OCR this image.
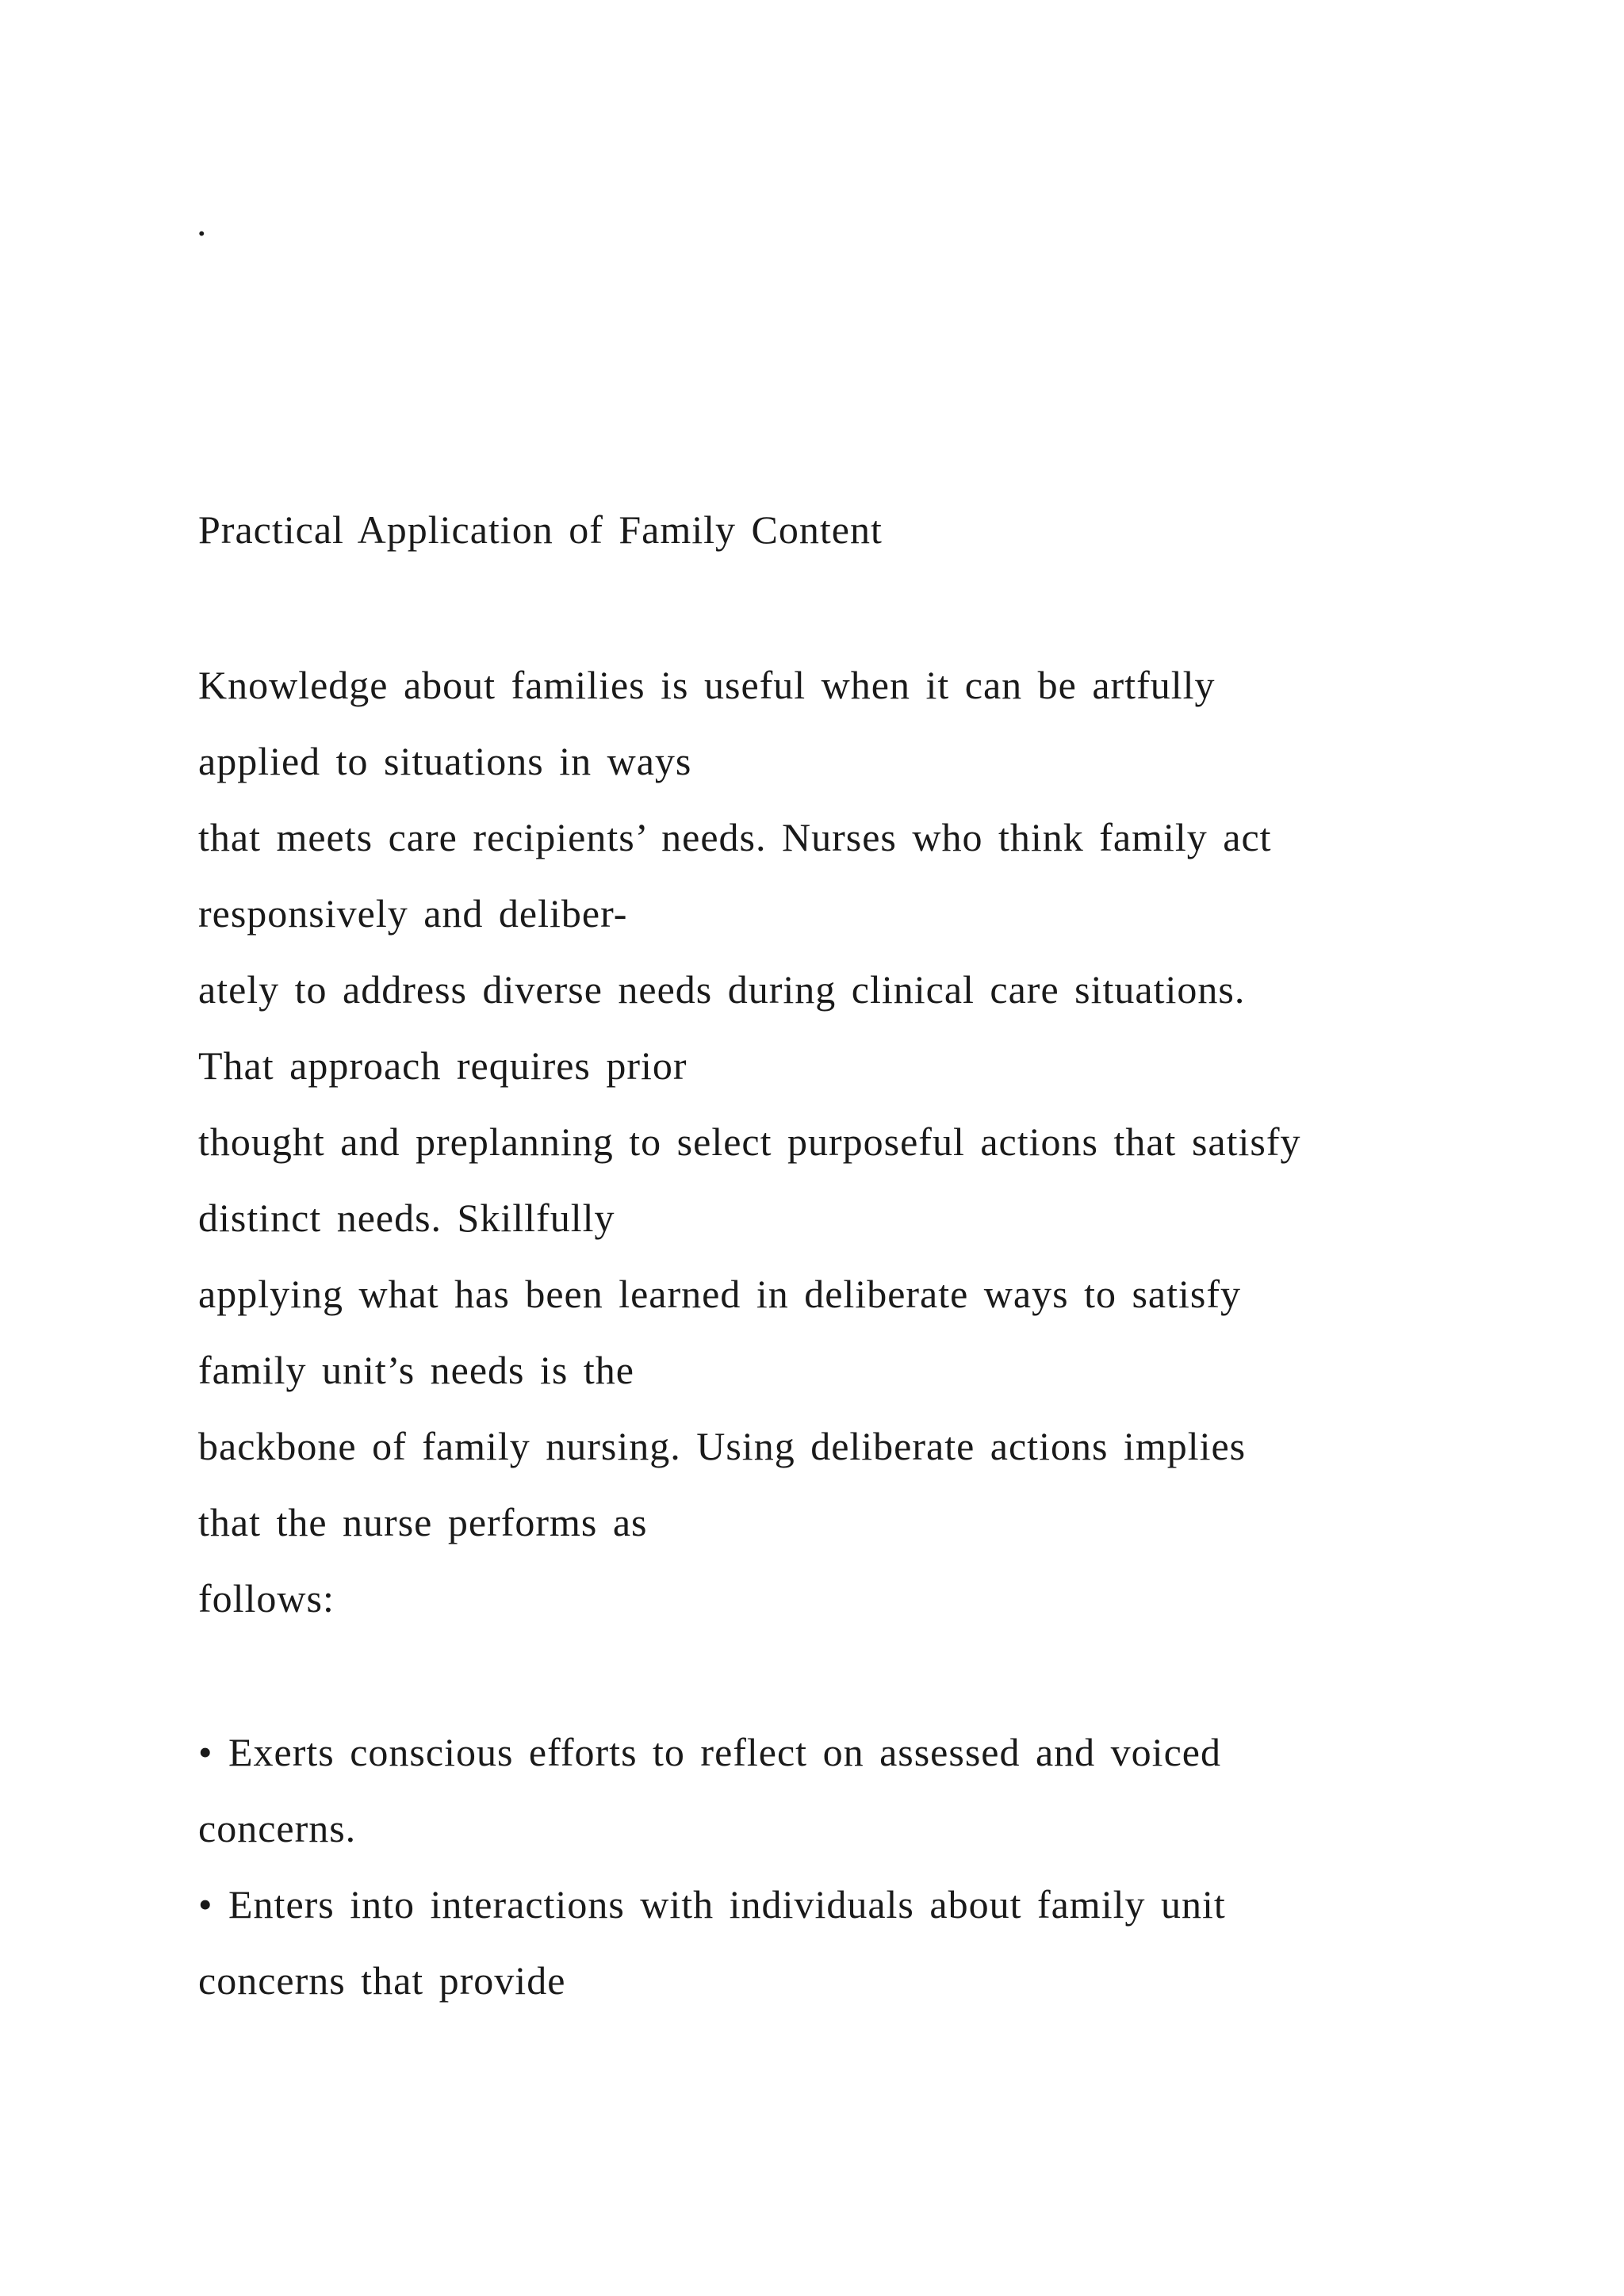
.
Practical Application of Family Content
Knowledge about families is useful when it can be artfully
applied to situations in ways
that meets care recipients’ needs. Nurses who think family act
responsively and deliber-
ately to address diverse needs during clinical care situations.
That approach requires prior
thought and preplanning to select purposeful actions that satisfy
distinct needs. Skillfully
applying what has been learned in deliberate ways to satisfy
family unit’s needs is the
backbone of family nursing. Using deliberate actions implies
that the nurse performs as
follows:
• Exerts conscious efforts to reflect on assessed and voiced
concerns.
• Enters into interactions with individuals about family unit
concerns that provide
